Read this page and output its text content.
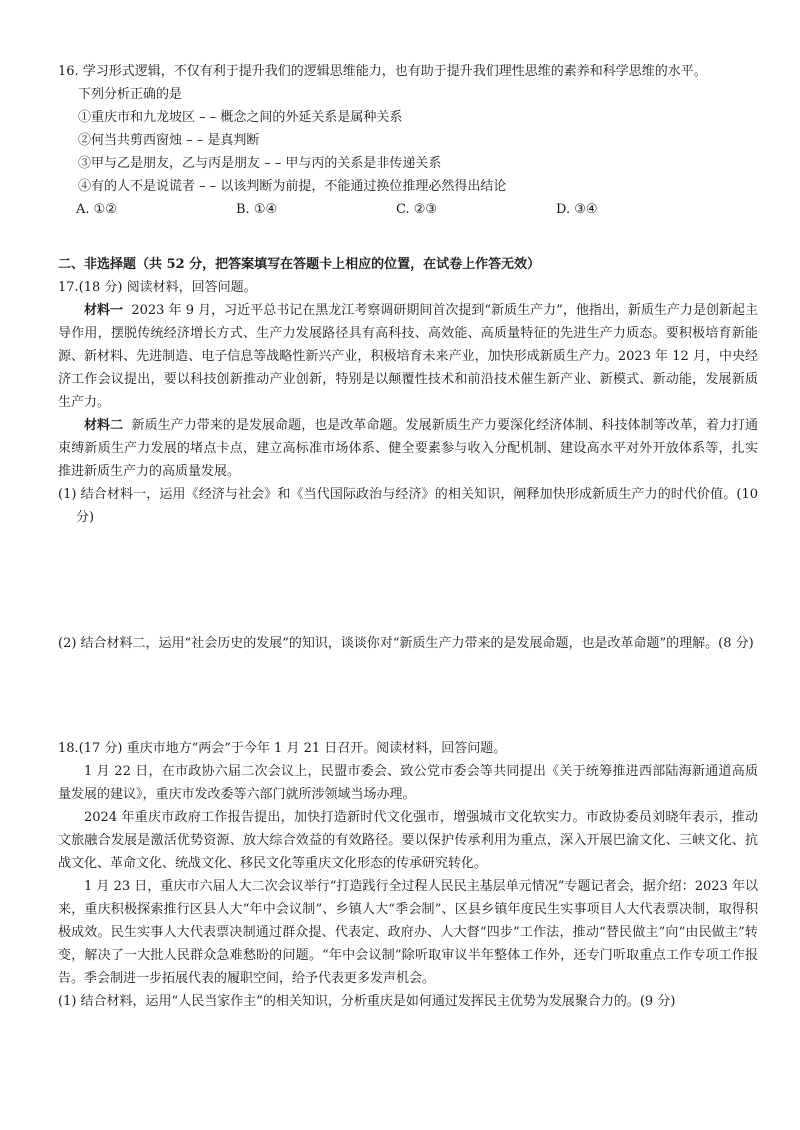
16. 学习形式逻辑，不仅有利于提升我们的逻辑思维能力，也有助于提升我们理性思维的素养和科学思维的水平。
下列分析正确的是
①重庆市和九龙坡区 – – 概念之间的外延关系是属种关系
②何当共剪西窗烛 – – 是真判断
③甲与乙是朋友，乙与丙是朋友 – – 甲与丙的关系是非传递关系
④有的人不是说谎者 – – 以该判断为前提，不能通过换位推理必然得出结论
A. ①②	B. ①④	C. ②③	D. ③④
二、非选择题（共 52 分，把答案填写在答题卡上相应的位置，在试卷上作答无效）
17.(18 分) 阅读材料，回答问题。
材料一 2023 年 9 月，习近平总书记在黑龙江考察调研期间首次提到“新质生产力”，他指出，新质生产力是创新起主导作用，摆脱传统经济增长方式、生产力发展路径具有高科技、高效能、高质量特征的先进生产力质态。要积极培育新能源、新材料、先进制造、电子信息等战略性新兴产业，积极培育未来产业，加快形成新质生产力。2023 年 12 月，中央经济工作会议提出，要以科技创新推动产业创新，特别是以颠覆性技术和前沿技术催生新产业、新模式、新动能，发展新质生产力。
材料二 新质生产力带来的是发展命题，也是改革命题。发展新质生产力要深化经济体制、科技体制等改革，着力打通束缚新质生产力发展的堵点卡点，建立高标准市场体系、健全要素参与收入分配机制、建设高水平对外开放体系等，扎实推进新质生产力的高质量发展。
(1) 结合材料一，运用《经济与社会》和《当代国际政治与经济》的相关知识，阐释加快形成新质生产力的时代价值。(10 分)
(2) 结合材料二，运用“社会历史的发展”的知识，谈谈你对“新质生产力带来的是发展命题，也是改革命题”的理解。(8 分)
18.(17 分) 重庆市地方“两会”于今年 1 月 21 日召开。阅读材料，回答问题。
1 月 22 日，在市政协六届二次会议上，民盟市委会、致公党市委会等共同提出《关于统筹推进西部陆海新通道高质量发展的建议》，重庆市发改委等六部门就所涉领域当场办理。
2024 年重庆市政府工作报告提出，加快打造新时代文化强市，增强城市文化软实力。市政协委员刘晓年表示，推动文旅融合发展是激活优势资源、放大综合效益的有效路径。要以保护传承利用为重点，深入开展巴渝文化、三峡文化、抗战文化、革命文化、统战文化、移民文化等重庆文化形态的传承研究转化。
1 月 23 日，重庆市六届人大二次会议举行“打造践行全过程人民民主基层单元情况”专题记者会，据介绍：2023 年以来，重庆积极探索推行区县人大“年中会议制”、乡镇人大“季会制”、区县乡镇年度民生实事项目人大代表票决制，取得积极成效。民生实事人大代表票决制通过群众提、代表定、政府办、人大督“四步”工作法，推动“替民做主”向“由民做主”转变，解决了一大批人民群众急难愁盼的问题。“年中会议制”除听取审议半年整体工作外，还专门听取重点工作专项工作报告。季会制进一步拓展代表的履职空间，给予代表更多发声机会。
(1) 结合材料，运用“人民当家作主”的相关知识，分析重庆是如何通过发挥民主优势为发展聚合力的。(9 分)
